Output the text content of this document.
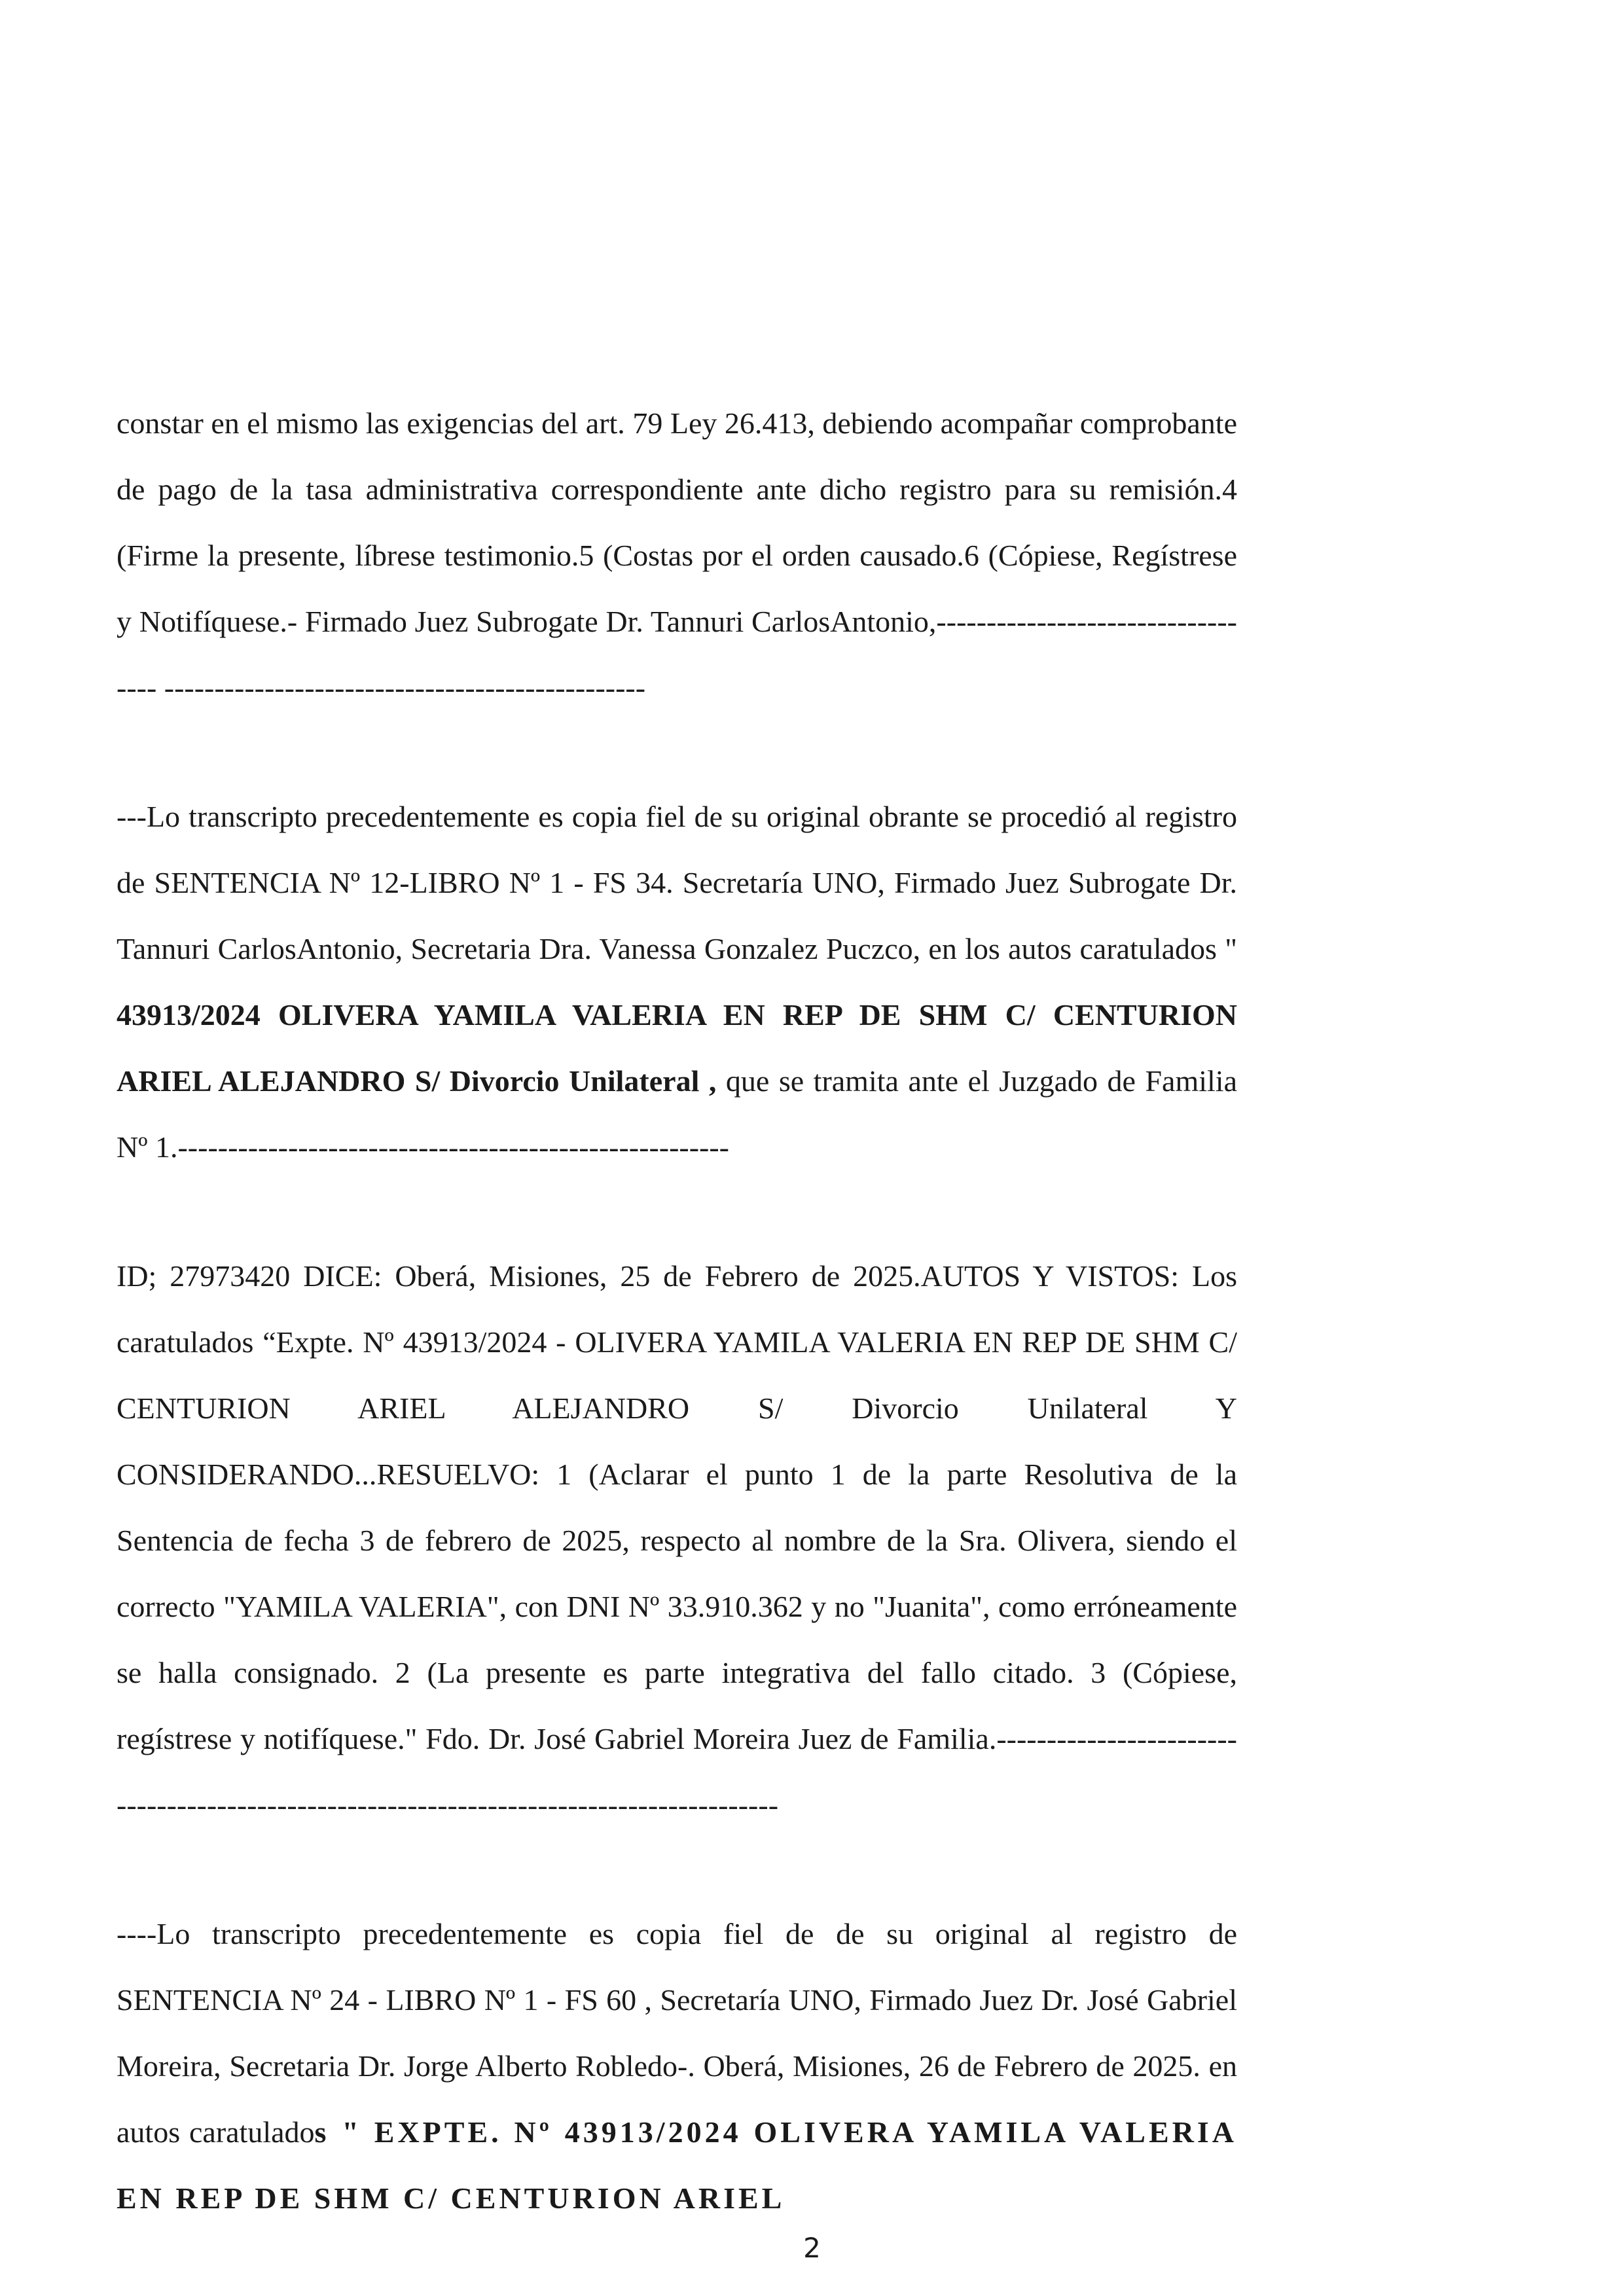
constar en el mismo las exigencias del art. 79 Ley 26.413, debiendo acompañar comprobante de pago de la tasa administrativa correspondiente ante dicho registro para su remisión.4 (Firme la presente, líbrese testimonio.5 (Costas por el orden causado.6 (Cópiese, Regístrese y Notifíquese.- Firmado Juez Subrogate Dr. Tannuri CarlosAntonio,---------------------------------- ------------------------------------------------

---Lo transcripto precedentemente es copia fiel de su original obrante se procedió al registro de SENTENCIA Nº 12-LIBRO Nº 1 - FS 34. Secretaría UNO, Firmado Juez Subrogate Dr. Tannuri CarlosAntonio, Secretaria Dra. Vanessa Gonzalez Puczco, en los autos caratulados " 43913/2024 OLIVERA YAMILA VALERIA EN REP DE SHM C/ CENTURION ARIEL ALEJANDRO S/ Divorcio Unilateral , que se tramita ante el Juzgado de Familia Nº 1.-------------------------------------------------------

ID; 27973420 DICE: Oberá, Misiones, 25 de Febrero de 2025.AUTOS Y VISTOS: Los caratulados “Expte. Nº 43913/2024 - OLIVERA YAMILA VALERIA EN REP DE SHM C/ CENTURION ARIEL ALEJANDRO S/ Divorcio Unilateral Y CONSIDERANDO...RESUELVO: 1 (Aclarar el punto 1 de la parte Resolutiva de la Sentencia de fecha 3 de febrero de 2025, respecto al nombre de la Sra. Olivera, siendo el correcto "YAMILA VALERIA", con DNI Nº 33.910.362 y no "Juanita", como erróneamente se halla consignado. 2 (La presente es parte integrativa del fallo citado. 3 (Cópiese, regístrese y notifíquese." Fdo. Dr. José Gabriel Moreira Juez de Familia.------------------------------------------------------------------------------------------

----Lo transcripto precedentemente es copia fiel de de su original al registro de SENTENCIA Nº 24 - LIBRO Nº 1 - FS 60 , Secretaría UNO, Firmado Juez Dr. José Gabriel Moreira, Secretaria Dr. Jorge Alberto Robledo-. Oberá, Misiones, 26 de Febrero de 2025. en autos caratulados " EXPTE. Nº 43913/2024 OLIVERA YAMILA VALERIA EN REP DE SHM C/ CENTURION ARIEL

2
